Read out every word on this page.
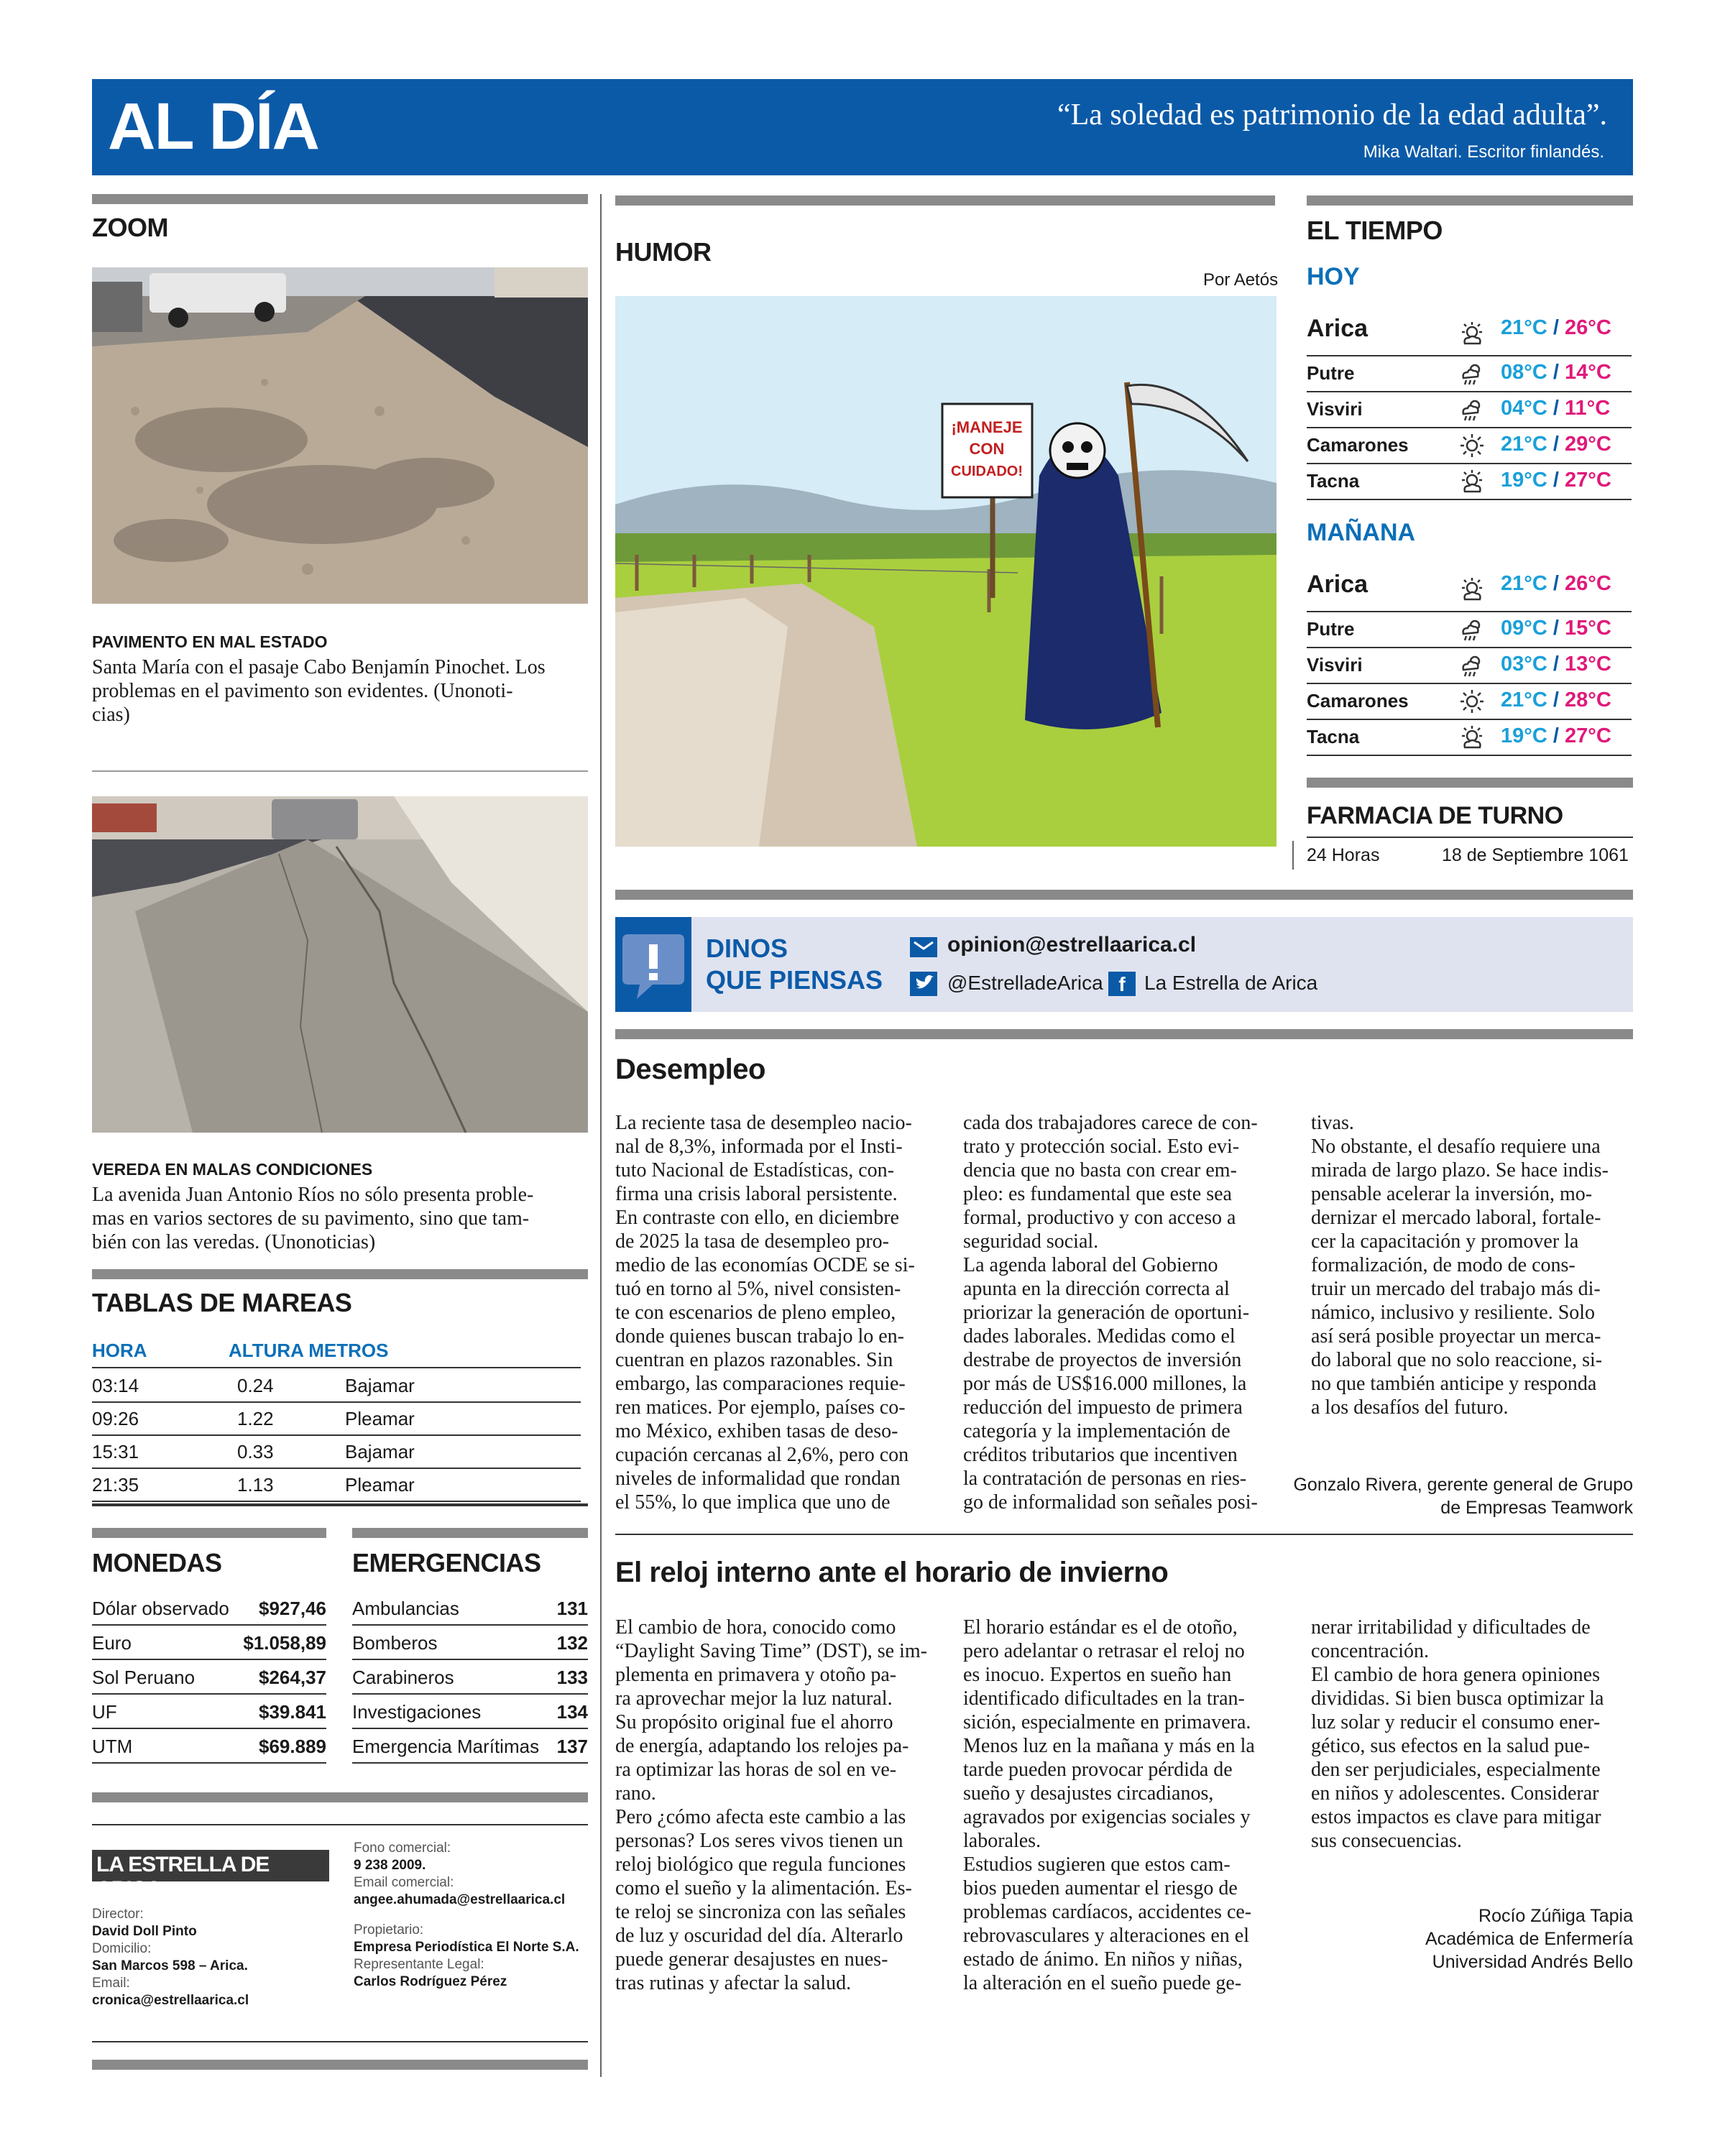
AL DÍA	“La soledad es patrimonio de la edad adulta”.
Mika Waltari. Escritor finlandés.
ZOOM
PAVIMENTO EN MAL ESTADO
Santa María con el pasaje Cabo Benjamín Pinochet. Los
problemas en el pavimento son evidentes. (Unonoti-
cias)
VEREDA EN MALAS CONDICIONES
La avenida Juan Antonio Ríos no sólo presenta proble-
mas en varios sectores de su pavimento, sino que tam-
bién con las veredas. (Unonoticias)
TABLAS DE MAREAS
HORA	ALTURA METROS
03:14	0.24	Bajamar
09:26	1.22	Pleamar
15:31	0.33	Bajamar
21:35	1.13	Pleamar
MONEDAS
Dólar observado $927,46
Euro	$1.058,89
Sol Peruano	$264,37
UF	$39.841
UTM	$69.889
EMERGENCIAS
Ambulancias	131
Bomberos	132
Carabineros	133
Investigaciones	134
Emergencia Marítimas 137
LA ESTRELLA DE ARICA
Director:
David Doll Pinto
Domicilio:
San Marcos 598 – Arica.
Email:
cronica@estrellaarica.cl
Fono comercial:
9 238 2009.
Email comercial:
angee.ahumada@estrellaarica.cl
Propietario:
Empresa Periodística El Norte S.A.
Representante Legal:
Carlos Rodríguez Pérez
HUMOR
Por Aetós
¡MANEJE
CON
CUIDADO!
EL TIEMPO
HOY
MAÑANA
FARMACIA DE TURNO
24 Horas	18 de Septiembre 1061
DINOS
QUE PIENSAS
opinion@estrellaarica.cl
@EstrelladeArica f La Estrella de Arica
Desempleo
La reciente tasa de desempleo nacio-
nal de 8,3%, informada por el Insti-
tuto Nacional de Estadísticas, con-
firma una crisis laboral persistente.
En contraste con ello, en diciembre
de 2025 la tasa de desempleo pro-
medio de las economías OCDE se si-
tuó en torno al 5%, nivel consisten-
te con escenarios de pleno empleo,
donde quienes buscan trabajo lo en-
cuentran en plazos razonables. Sin
embargo, las comparaciones requie-
ren matices. Por ejemplo, países co-
mo México, exhiben tasas de deso-
cupación cercanas al 2,6%, pero con
niveles de informalidad que rondan
el 55%, lo que implica que uno de
cada dos trabajadores carece de con-
trato y protección social. Esto evi-
dencia que no basta con crear em-
pleo: es fundamental que este sea
formal, productivo y con acceso a
seguridad social.
La agenda laboral del Gobierno
apunta en la dirección correcta al
priorizar la generación de oportuni-
dades laborales. Medidas como el
destrabe de proyectos de inversión
por más de US$16.000 millones, la
reducción del impuesto de primera
categoría y la implementación de
créditos tributarios que incentiven
la contratación de personas en ries-
go de informalidad son señales posi-
tivas.
No obstante, el desafío requiere una
mirada de largo plazo. Se hace indis-
pensable acelerar la inversión, mo-
dernizar el mercado laboral, fortale-
cer la capacitación y promover la
formalización, de modo de cons-
truir un mercado del trabajo más di-
námico, inclusivo y resiliente. Solo
así será posible proyectar un merca-
do laboral que no solo reaccione, si-
no que también anticipe y responda
a los desafíos del futuro.
Gonzalo Rivera, gerente general de Grupo
de Empresas Teamwork
El reloj interno ante el horario de invierno
El cambio de hora, conocido como
“Daylight Saving Time” (DST), se im-
plementa en primavera y otoño pa-
ra aprovechar mejor la luz natural.
Su propósito original fue el ahorro
de energía, adaptando los relojes pa-
ra optimizar las horas de sol en ve-
rano.
Pero ¿cómo afecta este cambio a las
personas? Los seres vivos tienen un
reloj biológico que regula funciones
como el sueño y la alimentación. Es-
te reloj se sincroniza con las señales
de luz y oscuridad del día. Alterarlo
puede generar desajustes en nues-
tras rutinas y afectar la salud.
El horario estándar es el de otoño,
pero adelantar o retrasar el reloj no
es inocuo. Expertos en sueño han
identificado dificultades en la tran-
sición, especialmente en primavera.
Menos luz en la mañana y más en la
tarde pueden provocar pérdida de
sueño y desajustes circadianos,
agravados por exigencias sociales y
laborales.
Estudios sugieren que estos cam-
bios pueden aumentar el riesgo de
problemas cardíacos, accidentes ce-
rebrovasculares y alteraciones en el
estado de ánimo. En niños y niñas,
la alteración en el sueño puede ge-
nerar irritabilidad y dificultades de
concentración.
El cambio de hora genera opiniones
divididas. Si bien busca optimizar la
luz solar y reducir el consumo ener-
gético, sus efectos en la salud pue-
den ser perjudiciales, especialmente
en niños y adolescentes. Considerar
estos impactos es clave para mitigar
sus consecuencias.
Rocío Zúñiga Tapia
Académica de Enfermería
Universidad Andrés Bello
Arica	21°C / 26°C
Putre	08°C / 14°C
Visviri	04°C / 11°C
Camarones	21°C / 29°C
Tacna	19°C / 27°C
Arica	21°C / 26°C
Putre	09°C / 15°C
Visviri	03°C / 13°C
Camarones	21°C / 28°C
Tacna	19°C / 27°C
